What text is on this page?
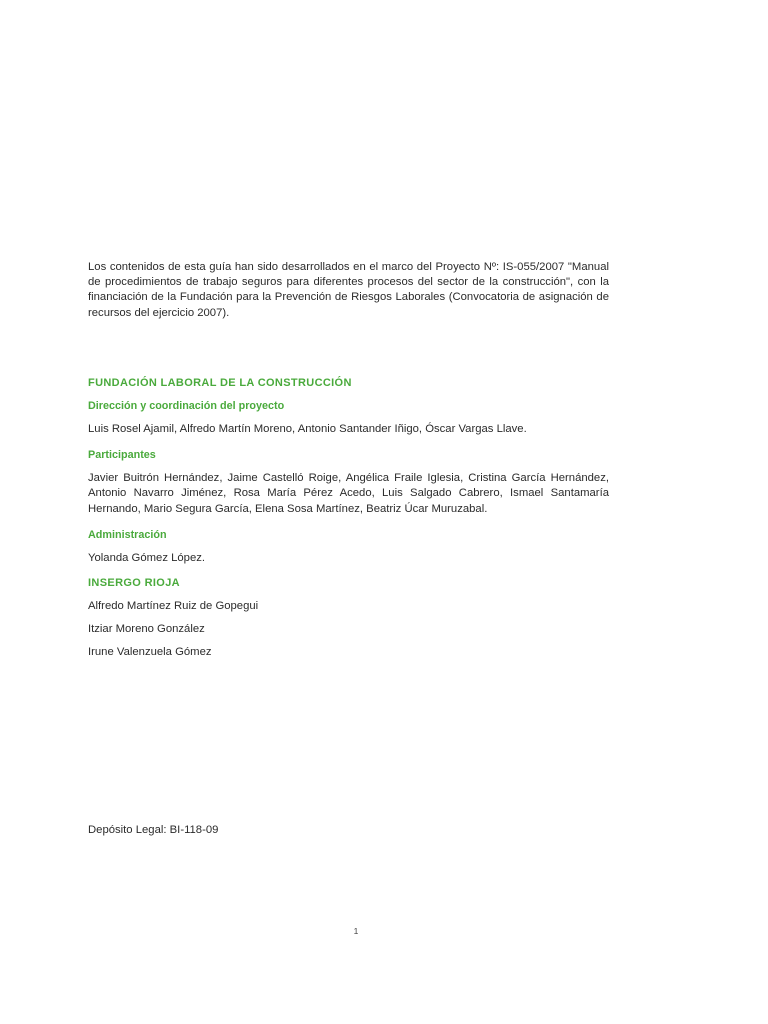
Los contenidos de esta guía han sido desarrollados en el marco del Proyecto Nº: IS-055/2007 "Manual de procedimientos de trabajo seguros para diferentes procesos del sector de la construcción", con la financiación de la Fundación para la Prevención de Riesgos Laborales (Convocatoria de asignación de recursos del ejercicio 2007).

FUNDACIÓN LABORAL DE LA CONSTRUCCIÓN

Dirección y coordinación del proyecto

Luis Rosel Ajamil, Alfredo Martín Moreno, Antonio Santander Iñigo, Óscar Vargas Llave.

Participantes

Javier Buitrón Hernández, Jaime Castelló Roige, Angélica Fraile Iglesia, Cristina García Hernández, Antonio Navarro Jiménez, Rosa María Pérez Acedo, Luis Salgado Cabrero, Ismael Santamaría Hernando, Mario Segura García, Elena Sosa Martínez, Beatriz Úcar Muruzabal.

Administración

Yolanda Gómez López.

INSERGO RIOJA

Alfredo Martínez Ruiz de Gopegui

Itziar Moreno González

Irune Valenzuela Gómez

Depósito Legal: BI-118-09

1
